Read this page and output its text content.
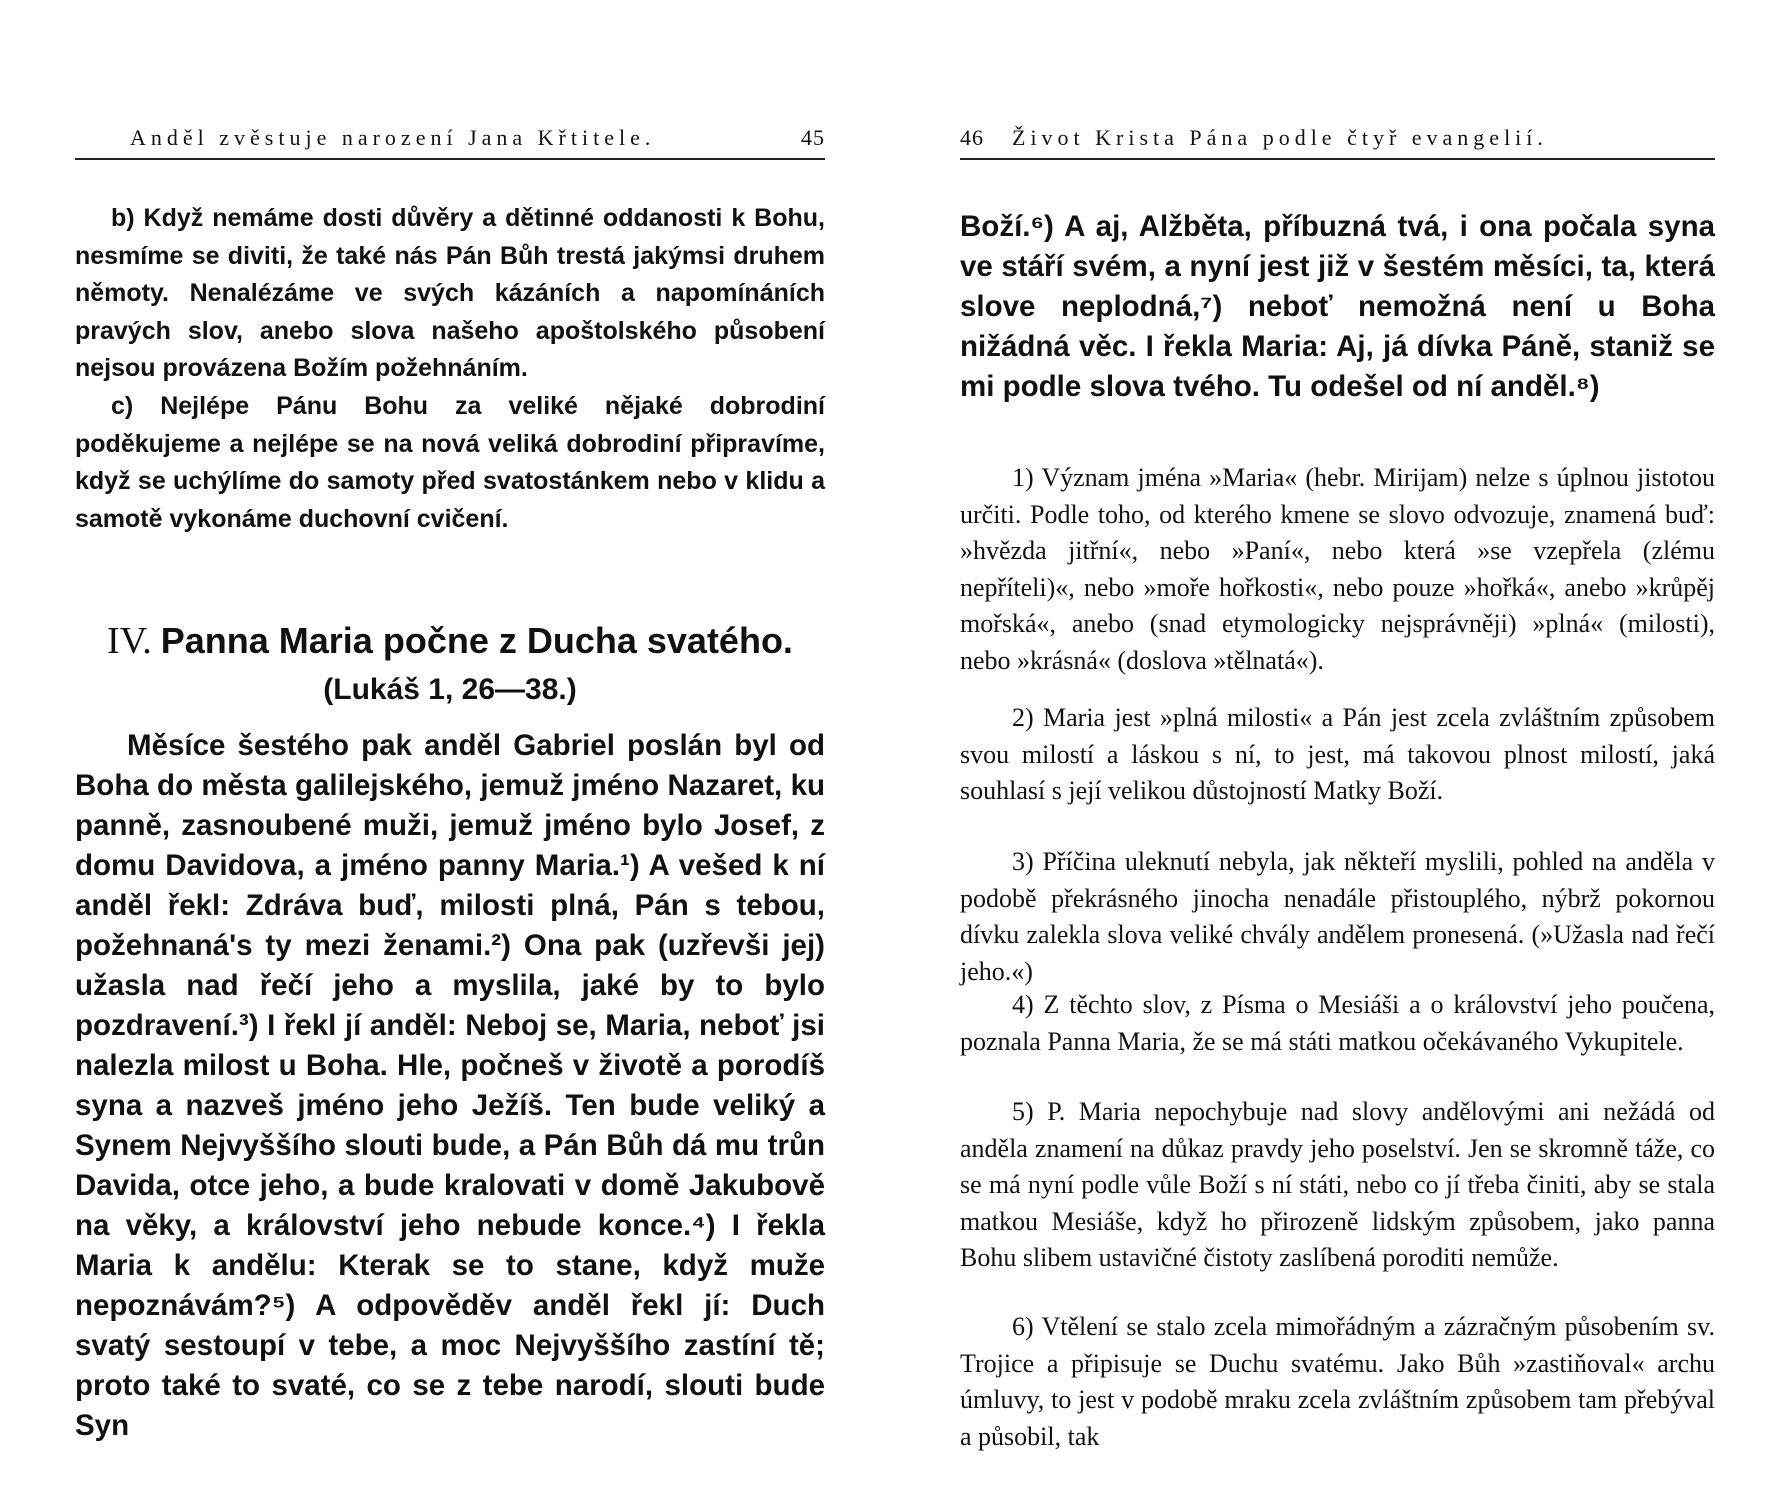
Anděl zvěstuje narození Jana Křtitele.	45

b) Když nemáme dosti důvěry a dětinné oddanosti k Bohu, nesmíme se diviti, že také nás Pán Bůh trestá jakýmsi druhem němoty. Nenalézáme ve svých kázáních a napomínáních pravých slov, anebo slova našeho apoštolského působení nejsou provázena Božím požehnáním.

c) Nejlépe Pánu Bohu za veliké nějaké dobrodiní poděkujeme a nejlépe se na nová veliká dobrodiní připravíme, když se uchýlíme do samoty před svatostánkem nebo v klidu a samotě vykonáme duchovní cvičení.

IV. Panna Maria počne z Ducha svatého.
(Lukáš 1, 26—38.)

Měsíce šestého pak anděl Gabriel poslán byl od Boha do města galilejského, jemuž jméno Nazaret, ku panně, zasnoubené muži, jemuž jméno bylo Josef, z domu Davidova, a jméno panny Maria.¹) A vešed k ní anděl řekl: Zdráva buď, milosti plná, Pán s tebou, požehnaná's ty mezi ženami.²) Ona pak (uzřevši jej) užasla nad řečí jeho a myslila, jaké by to bylo pozdravení.³) I řekl jí anděl: Neboj se, Maria, neboť jsi nalezla milost u Boha. Hle, počneš v životě a porodíš syna a nazveš jméno jeho Ježíš. Ten bude veliký a Synem Nejvyššího slouti bude, a Pán Bůh dá mu trůn Davida, otce jeho, a bude kralovati v domě Jakubově na věky, a království jeho nebude konce.⁴) I řekla Maria k andělu: Kterak se to stane, když muže nepoznávám?⁵) A odpověděv anděl řekl jí: Duch svatý sestoupí v tebe, a moc Nejvyššího zastíní tě; proto také to svaté, co se z tebe narodí, slouti bude Syn

46 Život Krista Pána podle čtyř evangelií.

Boží.⁶) A aj, Alžběta, příbuzná tvá, i ona počala syna ve stáří svém, a nyní jest již v šestém měsíci, ta, která slove neplodná,⁷) neboť nemožná není u Boha nižádná věc. I řekla Maria: Aj, já dívka Páně, staniž se mi podle slova tvého. Tu odešel od ní anděl.⁸)

1) Význam jména »Maria« (hebr. Mirijam) nelze s úplnou jistotou určiti. Podle toho, od kterého kmene se slovo odvozuje, znamená buď: »hvězda jitřní«, nebo »Paní«, nebo která »se vzepřela (zlému nepříteli)«, nebo »moře hořkosti«, nebo pouze »hořká«, anebo »krůpěj mořská«, anebo (snad etymologicky nejsprávněji) »plná« (milosti), nebo »krásná« (doslova »tělnatá«).

2) Maria jest »plná milosti« a Pán jest zcela zvláštním způsobem svou milostí a láskou s ní, to jest, má takovou plnost milostí, jaká souhlasí s její velikou důstojností Matky Boží.

3) Příčina uleknutí nebyla, jak někteří myslili, pohled na anděla v podobě překrásného jinocha nenadále přistouplého, nýbrž pokornou dívku zalekla slova veliké chvály andělem pronesená. (»Užasla nad řečí jeho.«)

4) Z těchto slov, z Písma o Mesiáši a o království jeho poučena, poznala Panna Maria, že se má státi matkou očekávaného Vykupitele.

5) P. Maria nepochybuje nad slovy andělovými ani nežádá od anděla znamení na důkaz pravdy jeho poselství. Jen se skromně táže, co se má nyní podle vůle Boží s ní státi, nebo co jí třeba činiti, aby se stala matkou Mesiáše, když ho přirozeně lidským způsobem, jako panna Bohu slibem ustavičné čistoty zaslíbená poroditi nemůže.

6) Vtělení se stalo zcela mimořádným a zázračným působením sv. Trojice a připisuje se Duchu svatému. Jako Bůh »zastiňoval« archu úmluvy, to jest v podobě mraku zcela zvláštním způsobem tam přebýval a působil, tak
